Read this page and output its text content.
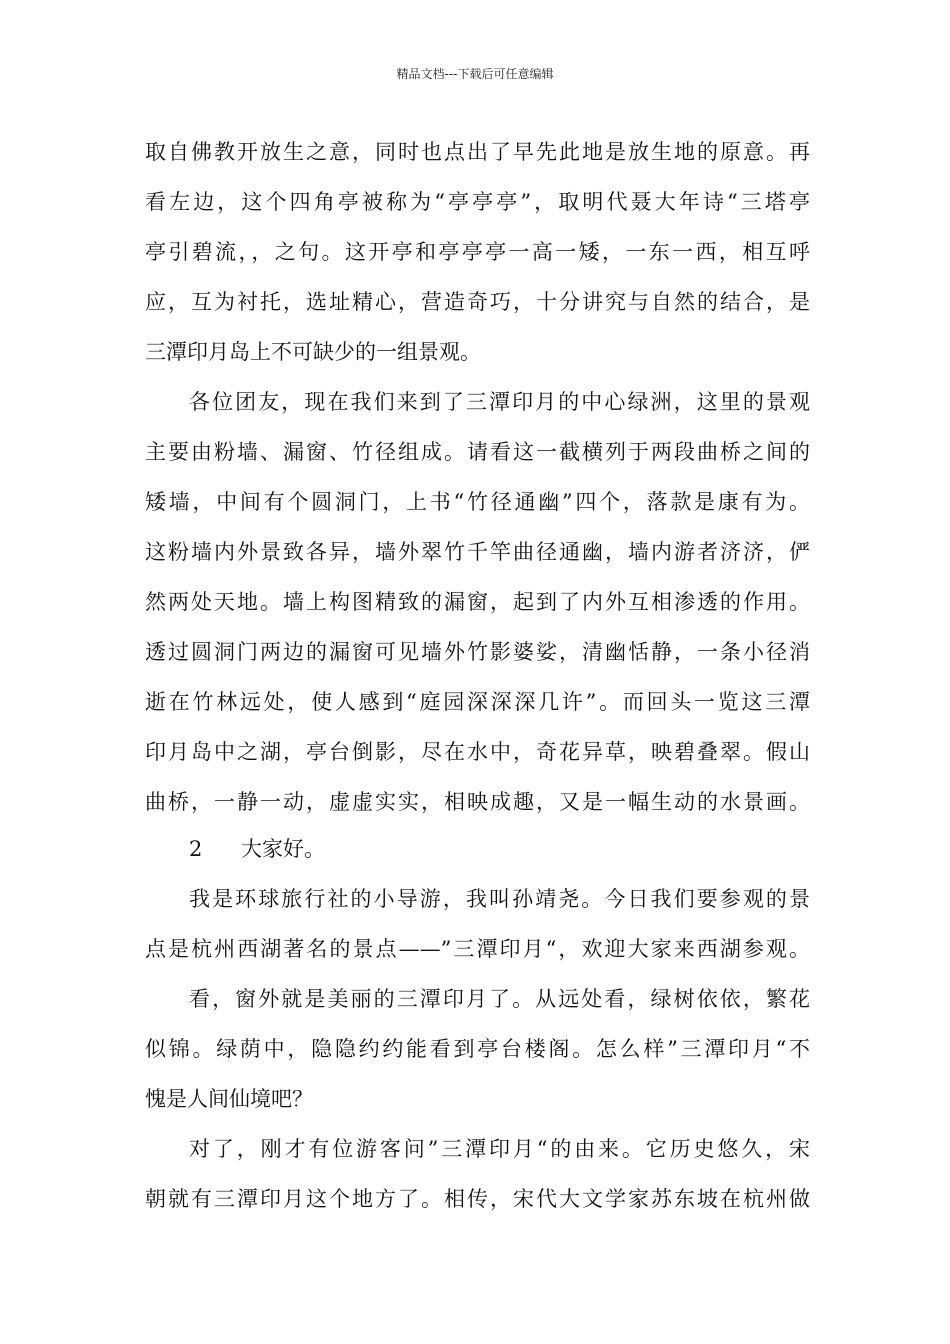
精品文档---下载后可任意编辑
取自佛教开放生之意，同时也点出了早先此地是放生地的原意。再
看左边，这个四角亭被称为“亭亭亭”，取明代聂大年诗“三塔亭
亭引碧流，，之句。这开亭和亭亭亭一高一矮，一东一西，相互呼
应，互为衬托，选址精心，营造奇巧，十分讲究与自然的结合，是
三潭印月岛上不可缺少的一组景观。
各位团友，现在我们来到了三潭印月的中心绿洲，这里的景观
主要由粉墙、漏窗、竹径组成。请看这一截横列于两段曲桥之间的
矮墙，中间有个圆洞门，上书“竹径通幽”四个，落款是康有为。
这粉墙内外景致各异，墙外翠竹千竿曲径通幽，墙内游者济济，俨
然两处天地。墙上构图精致的漏窗，起到了内外互相渗透的作用。
透过圆洞门两边的漏窗可见墙外竹影婆娑，清幽恬静，一条小径消
逝在竹林远处，使人感到“庭园深深深几许”。而回头一览这三潭
印月岛中之湖，亭台倒影，尽在水中，奇花异草，映碧叠翠。假山
曲桥，一静一动，虚虚实实，相映成趣，又是一幅生动的水景画。
2 大家好。
我是环球旅行社的小导游，我叫孙靖尧。今日我们要参观的景
点是杭州西湖著名的景点——”三潭印月“，欢迎大家来西湖参观。
看，窗外就是美丽的三潭印月了。从远处看，绿树依依，繁花
似锦。绿荫中，隐隐约约能看到亭台楼阁。怎么样”三潭印月“不
愧是人间仙境吧？
对了，刚才有位游客问”三潭印月“的由来。它历史悠久，宋
朝就有三潭印月这个地方了。相传，宋代大文学家苏东坡在杭州做
